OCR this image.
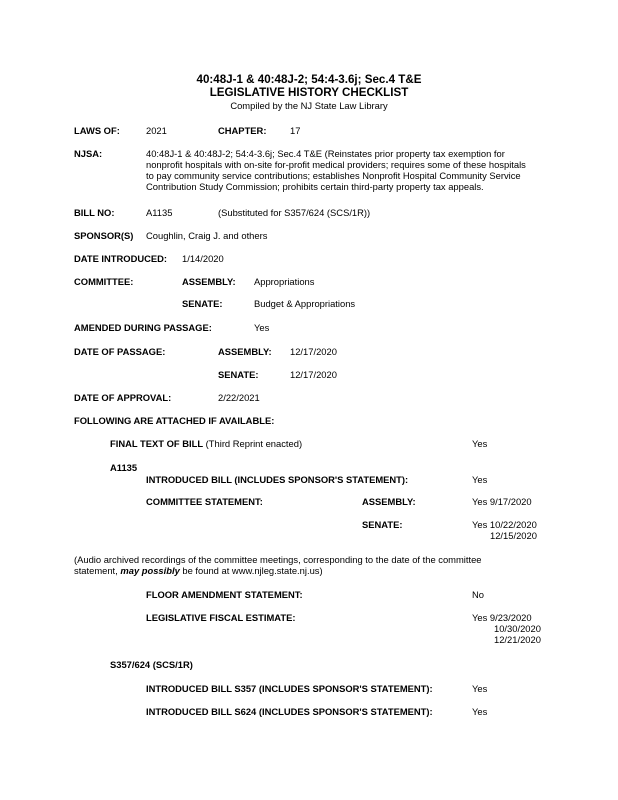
40:48J-1 & 40:48J-2; 54:4-3.6j; Sec.4 T&E
LEGISLATIVE HISTORY CHECKLIST
Compiled by the NJ State Law Library
LAWS OF:	2021	CHAPTER:	17
NJSA:	40:48J-1 & 40:48J-2; 54:4-3.6j; Sec.4 T&E (Reinstates prior property tax exemption for
nonprofit hospitals with on-site for-profit medical providers; requires some of these hospitals
to pay community service contributions; establishes Nonprofit Hospital Community Service
Contribution Study Commission; prohibits certain third-party property tax appeals.
BILL NO:	A1135	(Substituted for S357/624 (SCS/1R))
SPONSOR(S) Coughlin, Craig J. and others
DATE INTRODUCED: 1/14/2020
COMMITTEE:	ASSEMBLY: Appropriations
SENATE:	Budget & Appropriations
AMENDED DURING PASSAGE:	Yes
DATE OF PASSAGE:	ASSEMBLY: 12/17/2020
SENATE:	12/17/2020
DATE OF APPROVAL:	2/22/2021
FOLLOWING ARE ATTACHED IF AVAILABLE:
FINAL TEXT OF BILL (Third Reprint enacted)	Yes
A1135
INTRODUCED BILL (INCLUDES SPONSOR'S STATEMENT):	Yes
COMMITTEE STATEMENT:	ASSEMBLY:	Yes 9/17/2020
SENATE:	Yes 10/22/2020
12/15/2020
(Audio archived recordings of the committee meetings, corresponding to the date of the committee
statement, may possibly be found at www.njleg.state.nj.us)
FLOOR AMENDMENT STATEMENT:	No
LEGISLATIVE FISCAL ESTIMATE:	Yes 9/23/2020
10/30/2020
12/21/2020
S357/624 (SCS/1R)
INTRODUCED BILL S357 (INCLUDES SPONSOR'S STATEMENT):	Yes
INTRODUCED BILL S624 (INCLUDES SPONSOR'S STATEMENT):	Yes
